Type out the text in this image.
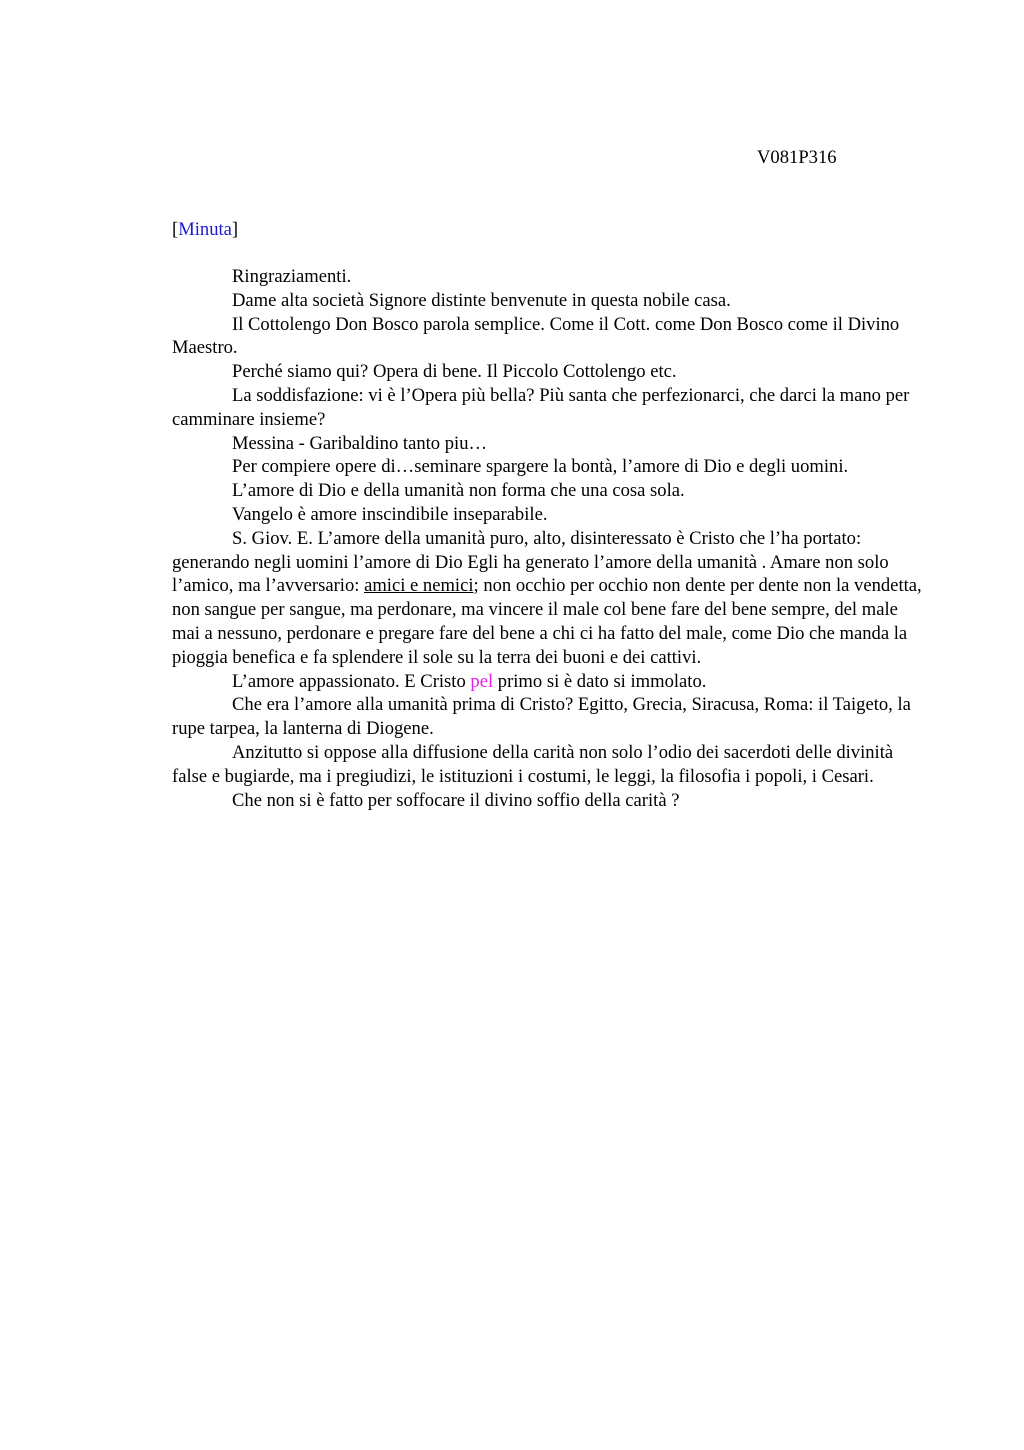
V081P316
[Minuta]

Ringraziamenti.

Dame alta società Signore distinte benvenute in questa nobile casa.

Il Cottolengo Don Bosco parola semplice. Come il Cott. come Don Bosco come il Divino Maestro.

Perché siamo qui? Opera di bene. Il Piccolo Cottolengo etc.

La soddisfazione: vi è l’Opera più bella? Più santa che perfezionarci, che darci la mano per camminare insieme?

Messina - Garibaldino tanto piu…

Per compiere opere di…seminare spargere la bontà, l’amore di Dio e degli uomini.

L’amore di Dio e della umanità non forma che una cosa sola.

Vangelo è amore inscindibile inseparabile.

S. Giov. E. L’amore della umanità puro, alto, disinteressato è Cristo che l’ha portato: generando negli uomini l’amore di Dio Egli ha generato l’amore della umanità . Amare non solo l’amico, ma l’avversario: amici e nemici; non occhio per occhio non dente per dente non la vendetta, non sangue per sangue, ma perdonare, ma vincere il male col bene fare del bene sempre, del male mai a nessuno, perdonare e pregare fare del bene a chi ci ha fatto del male, come Dio che manda la pioggia benefica e fa splendere il sole su la terra dei buoni e dei cattivi.

L’amore appassionato. E Cristo pel primo si è dato si immolato.

Che era l’amore alla umanità prima di Cristo? Egitto, Grecia, Siracusa, Roma: il Taigeto, la rupe tarpea, la lanterna di Diogene.

Anzitutto si oppose alla diffusione della carità non solo l’odio dei sacerdoti delle divinità false e bugiarde, ma i pregiudizi, le istituzioni i costumi, le leggi, la filosofia i popoli, i Cesari.

Che non si è fatto per soffocare il divino soffio della carità ?
